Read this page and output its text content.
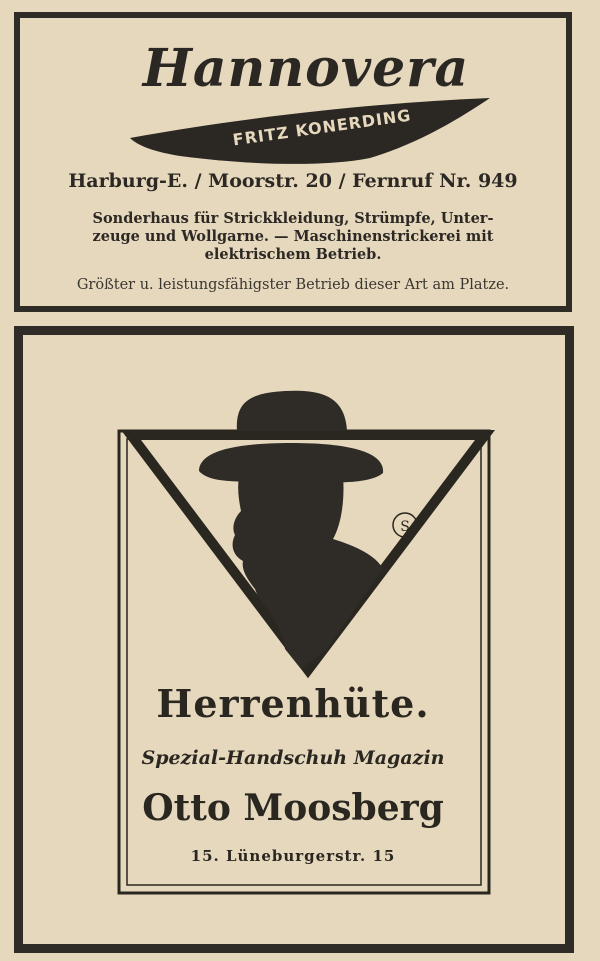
Hannovera
FRITZ KONERDING
Harburg-E. / Moorstr. 20 / Fernruf Nr. 949
Sonderhaus für Strickkleidung, Strümpfe, Unter-
zeuge und Wollgarne. — Maschinenstrickerei mit
elektrischem Betrieb.
Größter u. leistungsfähigster Betrieb dieser Art am Platze.
S
Herrenhüte.
Spezial-Handschuh Magazin
Otto Moosberg
15. Lüneburgerstr. 15
